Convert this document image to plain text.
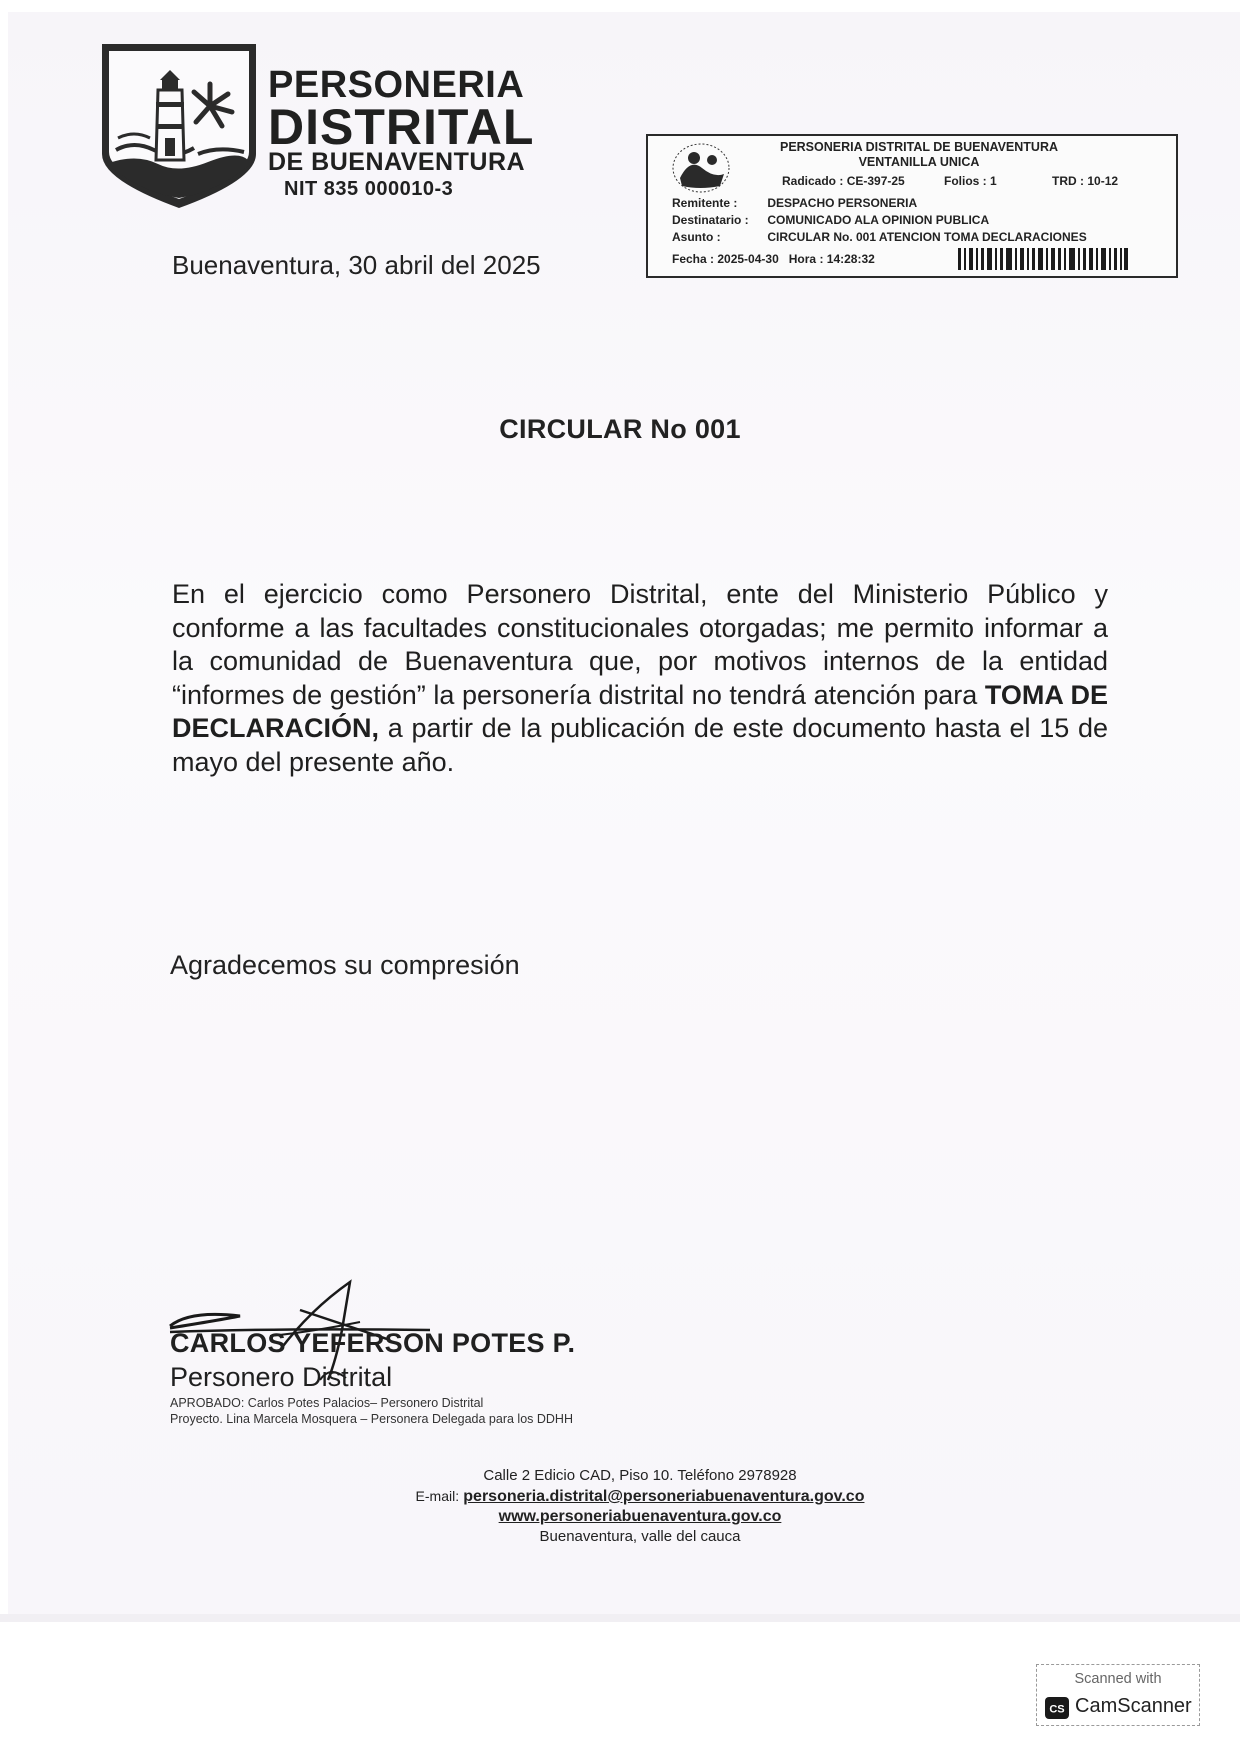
PERSONERIA
DISTRITAL
DE BUENAVENTURA
NIT 835 000010-3
Buenaventura, 30 abril del 2025
PERSONERIA DISTRITAL DE BUENAVENTURA
VENTANILLA UNICA
Radicado : CE-397-25	Folios : 1	TRD : 10-12
Remitente :	DESPACHO PERSONERIA
Destinatario : COMUNICADO ALA OPINION PUBLICA
Asunto :	CIRCULAR No. 001 ATENCION TOMA DECLARACIONES
Fecha : 2025-04-30 Hora : 14:28:32
CIRCULAR No 001
En el ejercicio como Personero Distrital, ente del Ministerio Público y conforme a las facultades constitucionales otorgadas; me permito informar a la comunidad de Buenaventura que, por motivos internos de la entidad “informes de gestión” la personería distrital no tendrá atención para TOMA DE DECLARACIÓN, a partir de la publicación de este documento hasta el 15 de mayo del presente año.
Agradecemos su compresión
CARLOS YEFERSON POTES P.
Personero Distrital
APROBADO: Carlos Potes Palacios– Personero Distrital
Proyecto. Lina Marcela Mosquera – Personera Delegada para los DDHH
Calle 2 Edicio CAD, Piso 10. Teléfono 2978928
E-mail: personeria.distrital@personeriabuenaventura.gov.co
www.personeriabuenaventura.gov.co
Buenaventura, valle del cauca
Scanned with
CS CamScanner
